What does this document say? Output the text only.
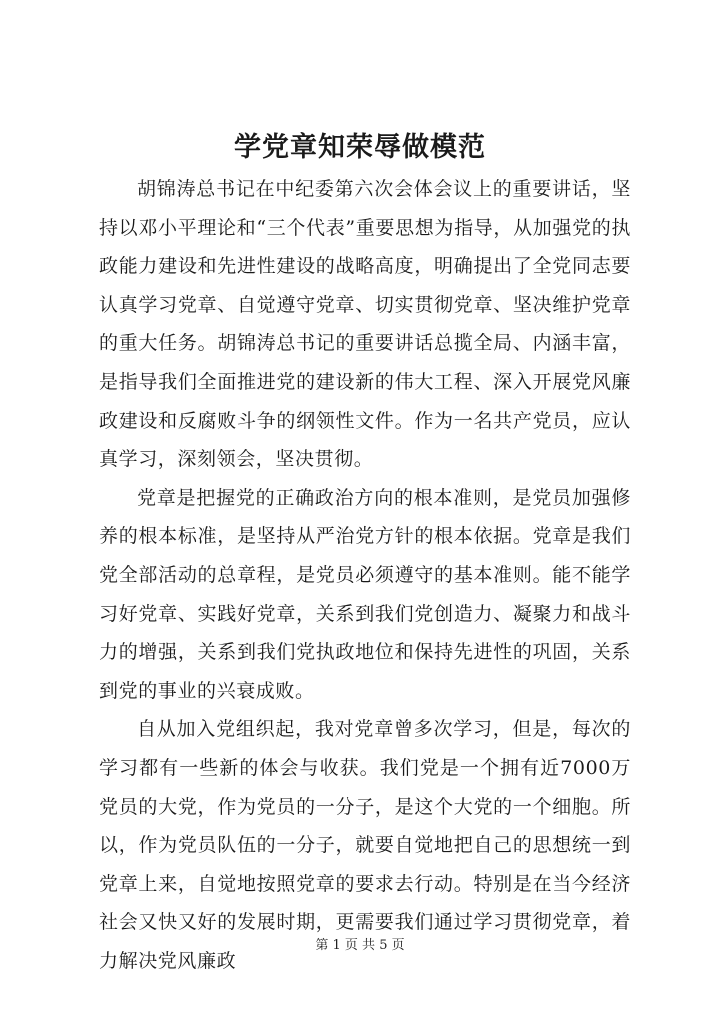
学党章知荣辱做模范

胡锦涛总书记在中纪委第六次会体会议上的重要讲话，坚持以邓小平理论和“三个代表”重要思想为指导，从加强党的执政能力建设和先进性建设的战略高度，明确提出了全党同志要认真学习党章、自觉遵守党章、切实贯彻党章、坚决维护党章的重大任务。胡锦涛总书记的重要讲话总揽全局、内涵丰富，是指导我们全面推进党的建设新的伟大工程、深入开展党风廉政建设和反腐败斗争的纲领性文件。作为一名共产党员，应认真学习，深刻领会，坚决贯彻。

党章是把握党的正确政治方向的根本准则，是党员加强修养的根本标准，是坚持从严治党方针的根本依据。党章是我们党全部活动的总章程，是党员必须遵守的基本准则。能不能学习好党章、实践好党章，关系到我们党创造力、凝聚力和战斗力的增强，关系到我们党执政地位和保持先进性的巩固，关系到党的事业的兴衰成败。

自从加入党组织起，我对党章曾多次学习，但是，每次的学习都有一些新的体会与收获。我们党是一个拥有近7000万党员的大党，作为党员的一分子，是这个大党的一个细胞。所以，作为党员队伍的一分子，就要自觉地把自己的思想统一到党章上来，自觉地按照党章的要求去行动。特别是在当今经济社会又快又好的发展时期，更需要我们通过学习贯彻党章，着力解决党风廉政

第 1 页 共 5 页
